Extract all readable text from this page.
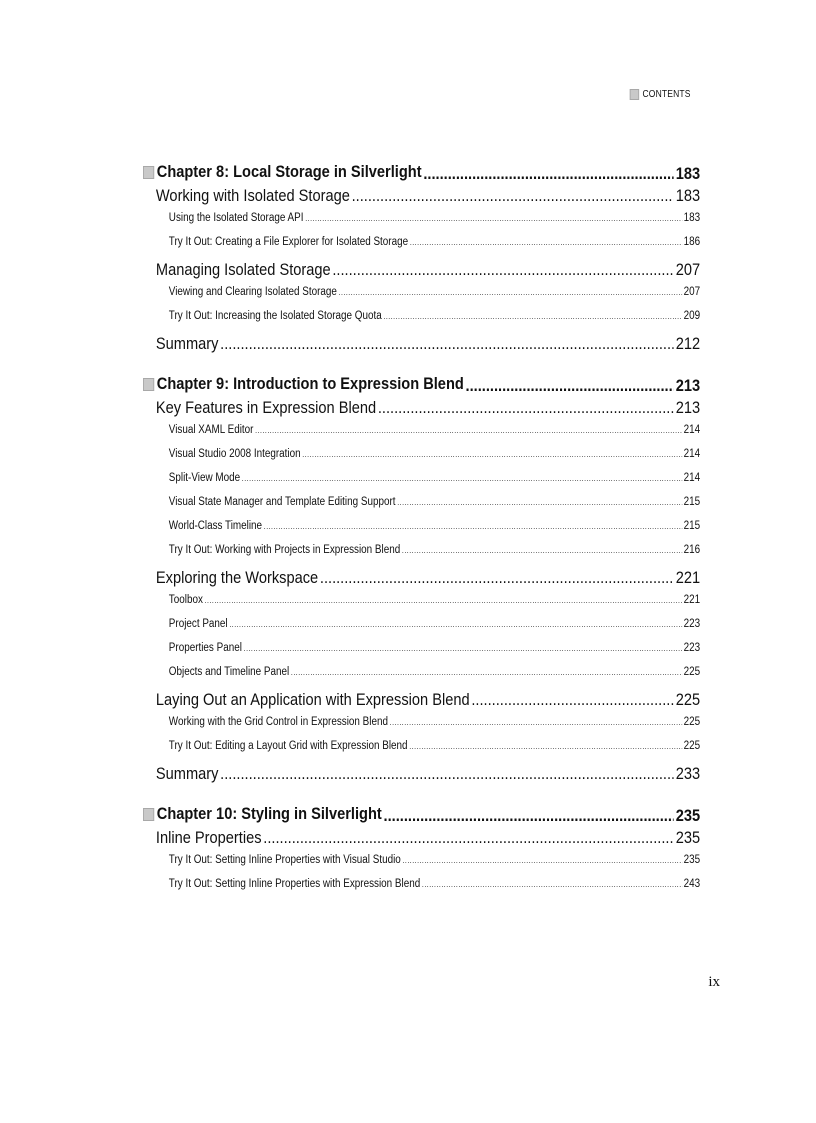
CONTENTS
Chapter 8: Local Storage in Silverlight .....	183
Working with Isolated Storage .....	183
Using the Isolated Storage API .....	183
Try It Out: Creating a File Explorer for Isolated Storage .....	186
Managing Isolated Storage .....	207
Viewing and Clearing Isolated Storage .....	207
Try It Out: Increasing the Isolated Storage Quota .....	209
Summary .....	212
Chapter 9: Introduction to Expression Blend .....	213
Key Features in Expression Blend .....	213
Visual XAML Editor .....	214
Visual Studio 2008 Integration .....	214
Split-View Mode .....	214
Visual State Manager and Template Editing Support .....	215
World-Class Timeline .....	215
Try It Out: Working with Projects in Expression Blend .....	216
Exploring the Workspace .....	221
Toolbox .....	221
Project Panel .....	223
Properties Panel .....	223
Objects and Timeline Panel .....	225
Laying Out an Application with Expression Blend .....	225
Working with the Grid Control in Expression Blend .....	225
Try It Out: Editing a Layout Grid with Expression Blend .....	225
Summary .....	233
Chapter 10: Styling in Silverlight .....	235
Inline Properties .....	235
Try It Out: Setting Inline Properties with Visual Studio .....	235
Try It Out: Setting Inline Properties with Expression Blend .....	243
ix
